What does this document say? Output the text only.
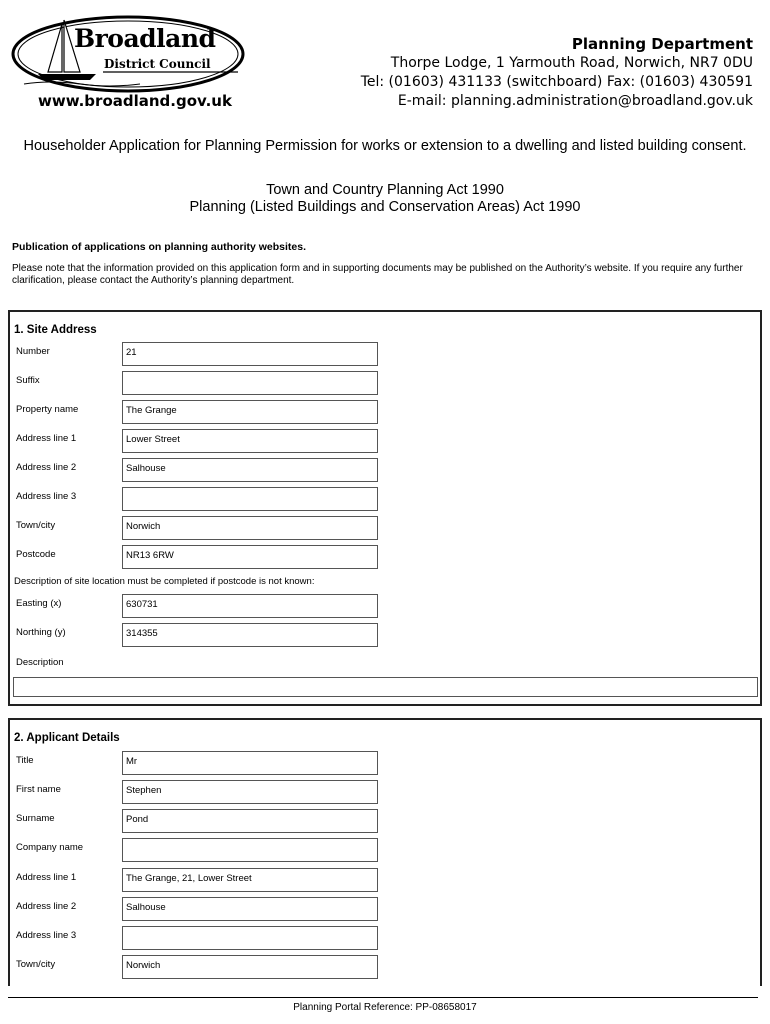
Broadland
District Council
www.broadland.gov.uk
Planning Department
Thorpe Lodge, 1 Yarmouth Road, Norwich, NR7 0DU
Tel: (01603) 431133 (switchboard) Fax: (01603) 430591
E-mail: planning.administration@broadland.gov.uk
Householder Application for Planning Permission for works or extension to a dwelling and listed building consent.
Town and Country Planning Act 1990
Planning (Listed Buildings and Conservation Areas) Act 1990
Publication of applications on planning authority websites.
Please note that the information provided on this application form and in supporting documents may be published on the Authority’s website. If you require any further clarification, please contact the Authority’s planning department.
1. Site Address
Number	21
Suffix
Property name	The Grange
Address line 1	Lower Street
Address line 2	Salhouse
Address line 3
Town/city	Norwich
Postcode	NR13 6RW
Description of site location must be completed if postcode is not known:
Easting (x)	630731
Northing (y)	314355
Description
2. Applicant Details
Title	Mr
First name	Stephen
Surname	Pond
Company name
Address line 1	The Grange, 21, Lower Street
Address line 2	Salhouse
Address line 3
Town/city	Norwich
Planning Portal Reference: PP-08658017
